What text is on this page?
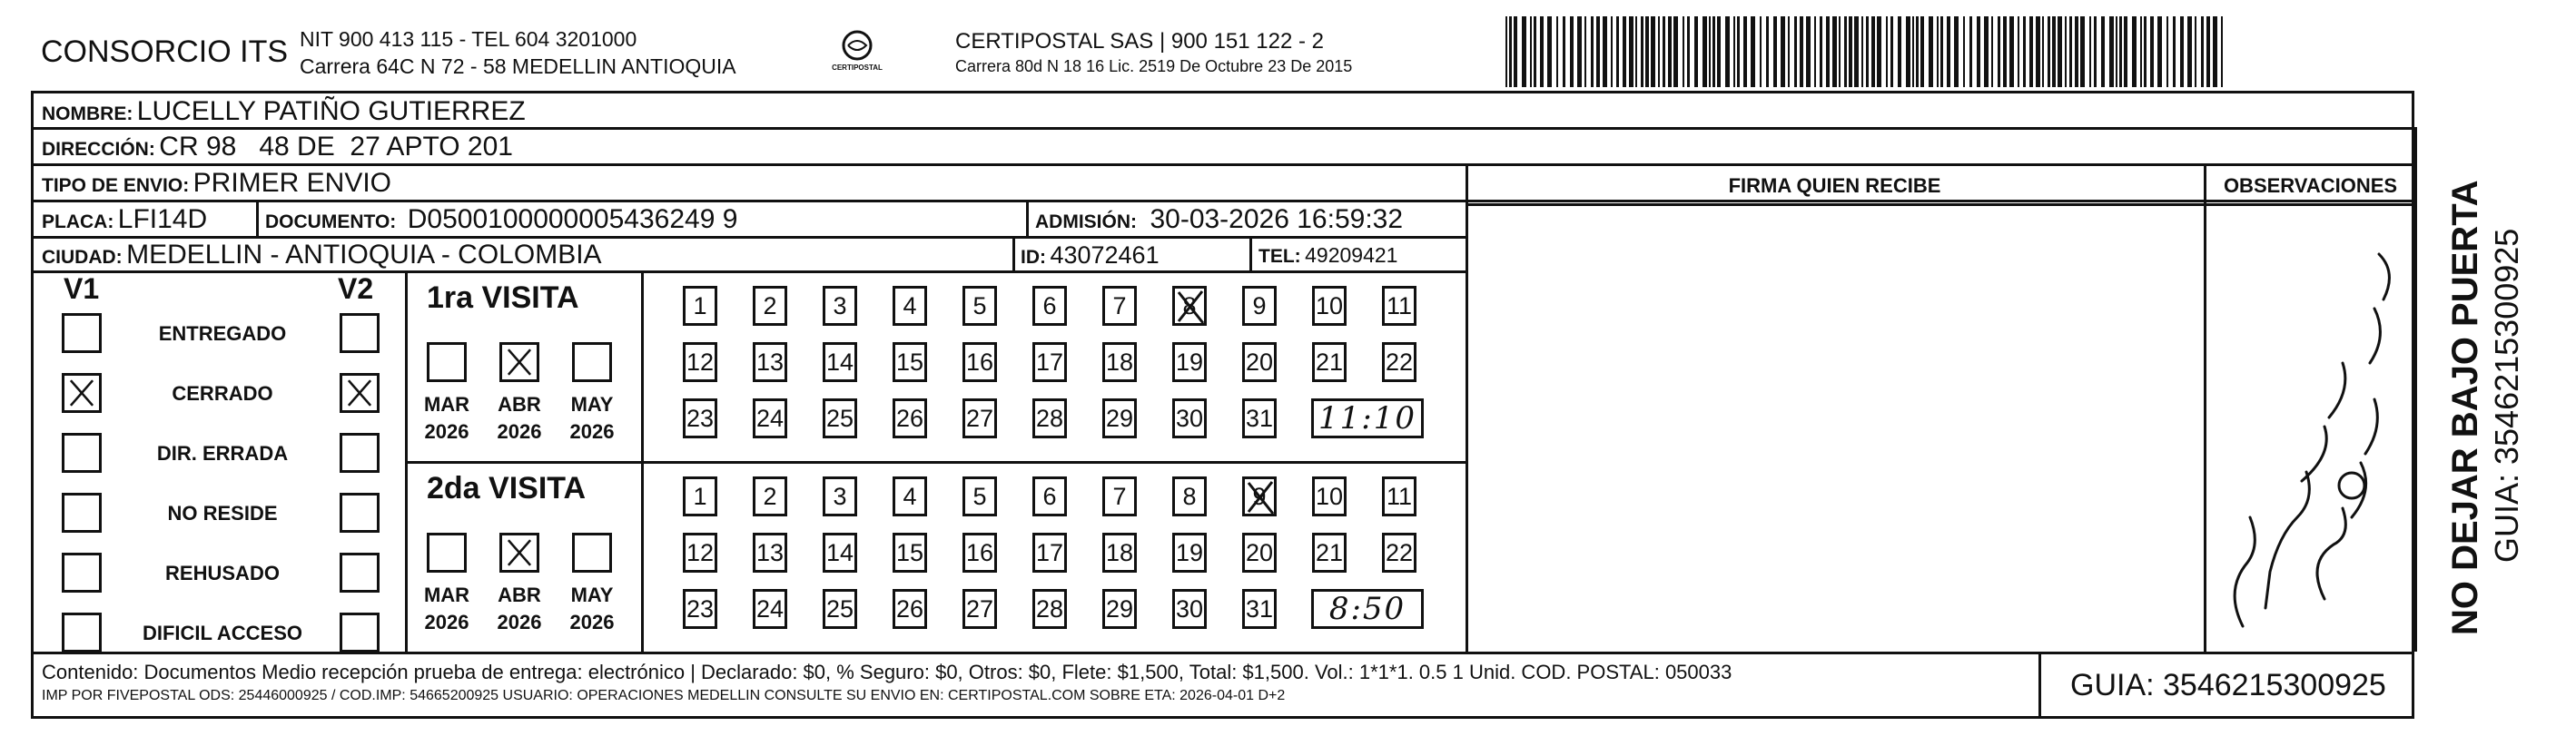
CONSORCIO ITS NIT 900 413 115 - TEL 604 3201000
Carrera 64C N 72 - 58 MEDELLIN ANTIOQUIA	CERTIPOSTAL
CERTIPOSTAL SAS | 900 151 122 - 2
Carrera 80d N 18 16 Lic. 2519 De Octubre 23 De 2015
NOMBRE: LUCELLY PATIÑO GUTIERREZ
DIRECCIÓN: CR 98   48 DE  27 APTO 201
TIPO DE ENVIO: PRIMER ENVIO
PLACA: LFI14D	DOCUMENTO: D0500100000005436249 9	ADMISIÓN: 30-03-2026 16:59:32
CIUDAD: MEDELLIN - ANTIOQUIA - COLOMBIA	ID: 43072461	TEL: 49209421
FIRMA QUIEN RECIBE	OBSERVACIONES	NO DEJAR BAJO PUERTA GUIA: 3546215300925
V1	V2
ENTREGADO
CERRADO
DIR. ERRADA
NO RESIDE
REHUSADO
DIFICIL ACCESO
1ra VISITA
MAR
2026
ABR
2026
MAY
2026
1 2 3 4 5 6 7 8 9 10 11
12 13 14 15 16 17 18 19 20 21 22
23 24 25 26 27 28 29 30 31 11:10
2da VISITA
MAR
2026
ABR
2026
MAY
2026
1 2 3 4 5 6 7 8 9 10 11
12 13 14 15 16 17 18 19 20 21 22
23 24 25 26 27 28 29 30 31 8:50
Contenido: Documentos Medio recepción prueba de entrega: electrónico | Declarado: $0, % Seguro: $0, Otros: $0, Flete: $1,500, Total: $1,500. Vol.: 1*1*1. 0.5 1 Unid. COD. POSTAL: 050033
IMP POR FIVEPOSTAL ODS: 25446000925 / COD.IMP: 54665200925 USUARIO: OPERACIONES MEDELLIN CONSULTE SU ENVIO EN: CERTIPOSTAL.COM SOBRE ETA: 2026-04-01 D+2	GUIA: 3546215300925
